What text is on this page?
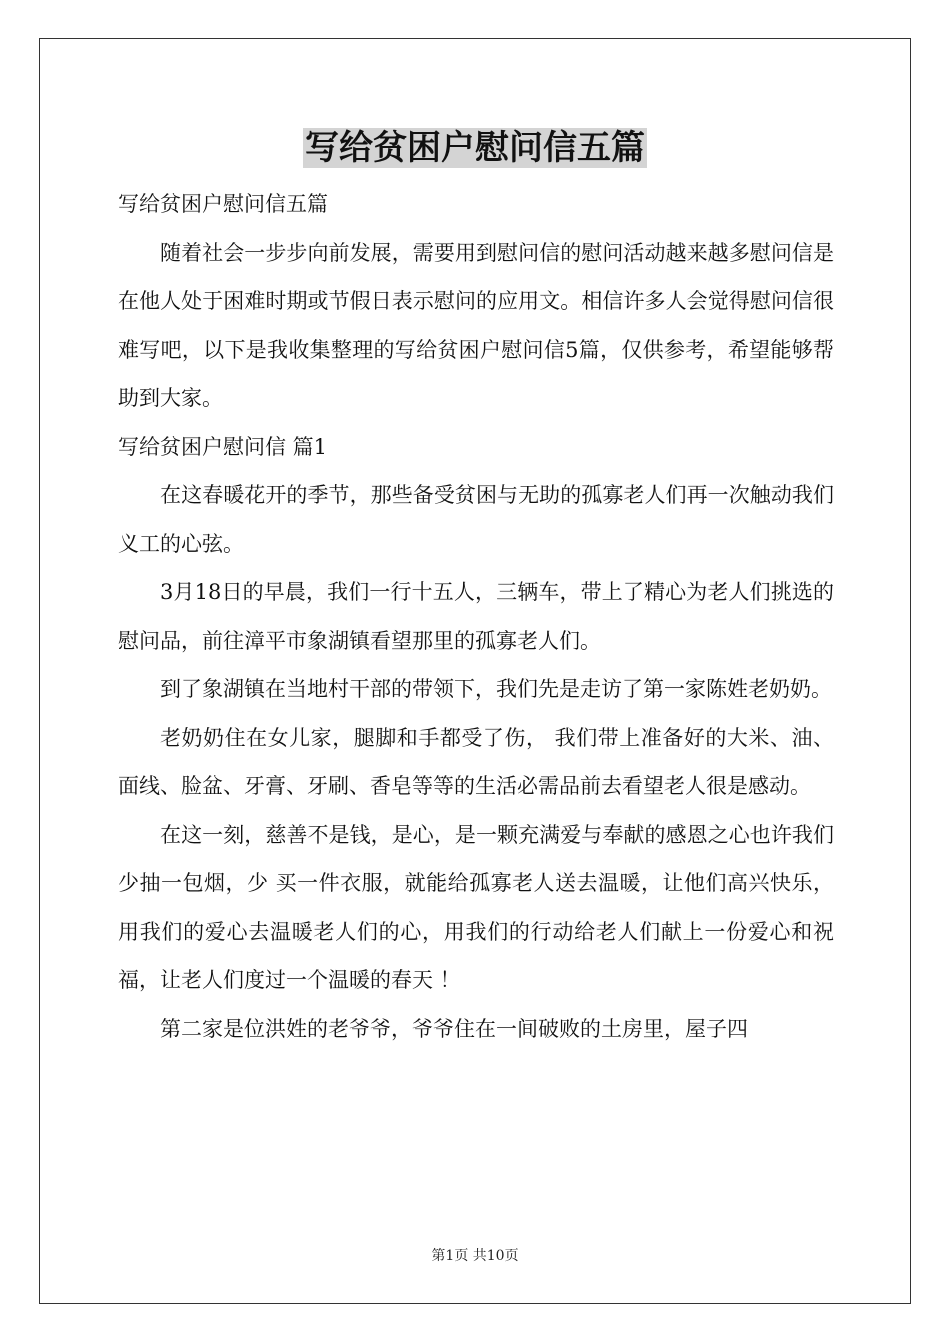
写给贫困户慰问信五篇

写给贫困户慰问信五篇

随着社会一步步向前发展，需要用到慰问信的慰问活动越来越多慰问信是在他人处于困难时期或节假日表示慰问的应用文。相信许多人会觉得慰问信很难写吧，以下是我收集整理的写给贫困户慰问信5篇，仅供参考，希望能够帮助到大家。

写给贫困户慰问信 篇1

在这春暖花开的季节，那些备受贫困与无助的孤寡老人们再一次触动我们义工的心弦。

3月18日的早晨，我们一行十五人，三辆车，带上了精心为老人们挑选的慰问品，前往漳平市象湖镇看望那里的孤寡老人们。

到了象湖镇在当地村干部的带领下，我们先是走访了第一家陈姓老奶奶。

老奶奶住在女儿家，腿脚和手都受了伤， 我们带上准备好的大米、油、面线、脸盆、牙膏、牙刷、香皂等等的生活必需品前去看望老人很是感动。

在这一刻，慈善不是钱，是心，是一颗充满爱与奉献的感恩之心也许我们少抽一包烟，少 买一件衣服，就能给孤寡老人送去温暖，让他们高兴快乐， 用我们的爱心去温暖老人们的心，用我们的行动给老人们献上一份爱心和祝福，让老人们度过一个温暖的春天 ！

第二家是位洪姓的老爷爷，爷爷住在一间破败的土房里，屋子四

第1页 共10页
